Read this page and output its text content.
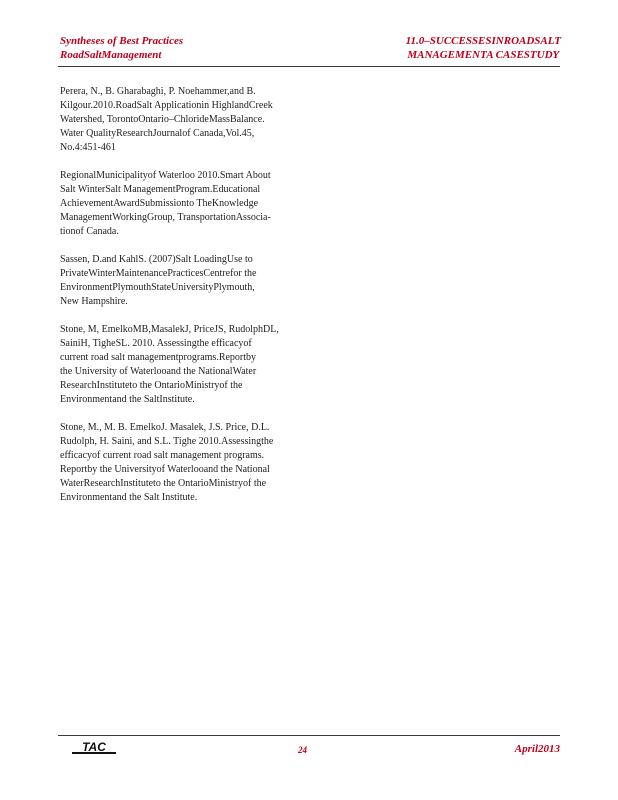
Syntheses of Best Practices
RoadSaltManagement
11.0–SUCCESSESINROADSALT
MANAGEMENTA CASESTUDY

Perera, N., B. Gharabaghi, P. Noehammer,and B.
Kilgour.2010.RoadSalt Applicationin HighlandCreek
Watershed, TorontoOntario–ChlorideMassBalance.
Water QualityResearchJournalof Canada,Vol.45,
No.4:451-461

RegionalMunicipalityof Waterloo 2010.Smart About
Salt WinterSalt ManagementProgram.Educational
AchievementAwardSubmissionto TheKnowledge
ManagementWorkingGroup, TransportationAssocia-
tionof Canada.

Sassen, D.and KahlS. (2007)Salt LoadingUse to
PrivateWinterMaintenancePracticesCentrefor the
EnvironmentPlymouthStateUniversityPlymouth,
New Hampshire.

Stone, M, EmelkoMB,MasalekJ, PriceJS, RudolphDL,
SainiH, TigheSL. 2010. Assessingthe efficacyof
current road salt managementprograms.Reportby
the University of Waterlooand the NationalWater
ResearchInstituteto the OntarioMinistryof the
Environmentand the SaltInstitute.

Stone, M., M. B. EmelkoJ. Masalek, J.S. Price, D.L.
Rudolph, H. Saini, and S.L. Tighe 2010.Assessingthe
efficacyof current road salt management programs.
Reportby the Universityof Waterlooand the National
WaterResearchInstituteto the OntarioMinistryof the
Environmentand the Salt Institute.

TAC	24	April2013
